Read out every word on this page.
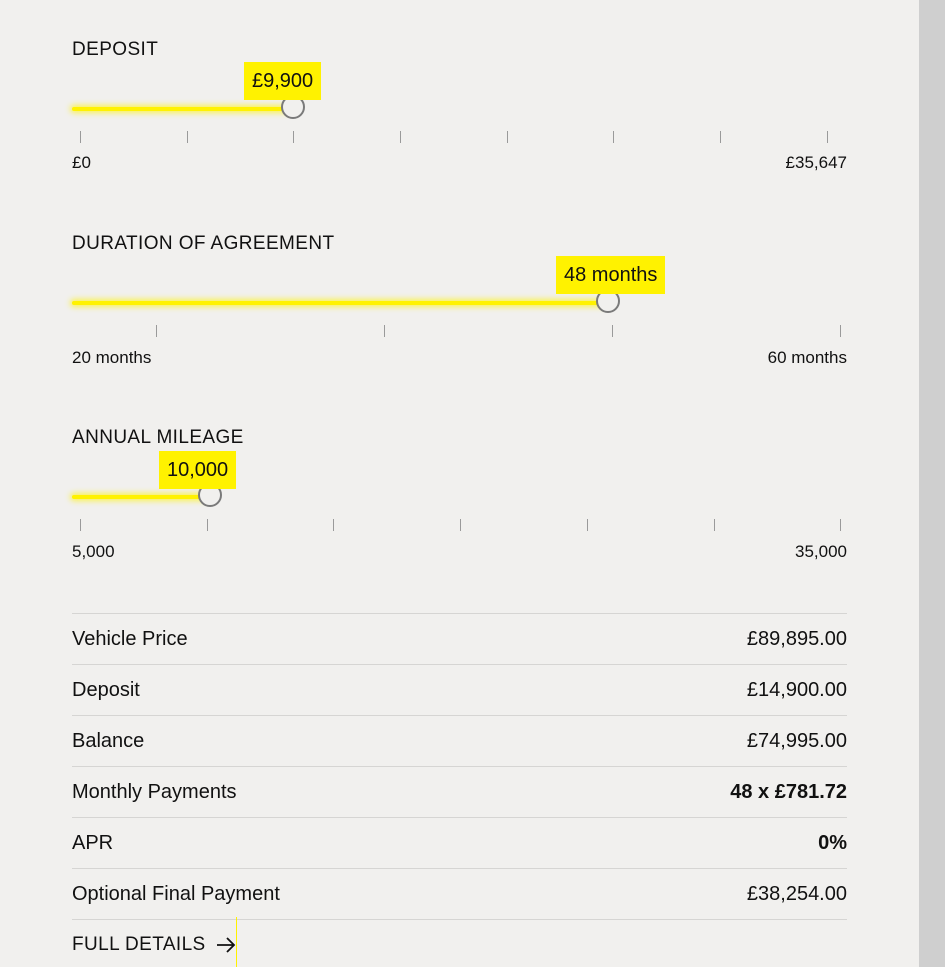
DEPOSIT
£9,900
£0	£35,647
DURATION OF AGREEMENT
48 months
20 months	60 months
ANNUAL MILEAGE
10,000
5,000	35,000
Vehicle Price	£89,895.00
Deposit	£14,900.00
Balance	£74,995.00
Monthly Payments	48 x £781.72
APR	0%
Optional Final Payment	£38,254.00
FULL DETAILS
